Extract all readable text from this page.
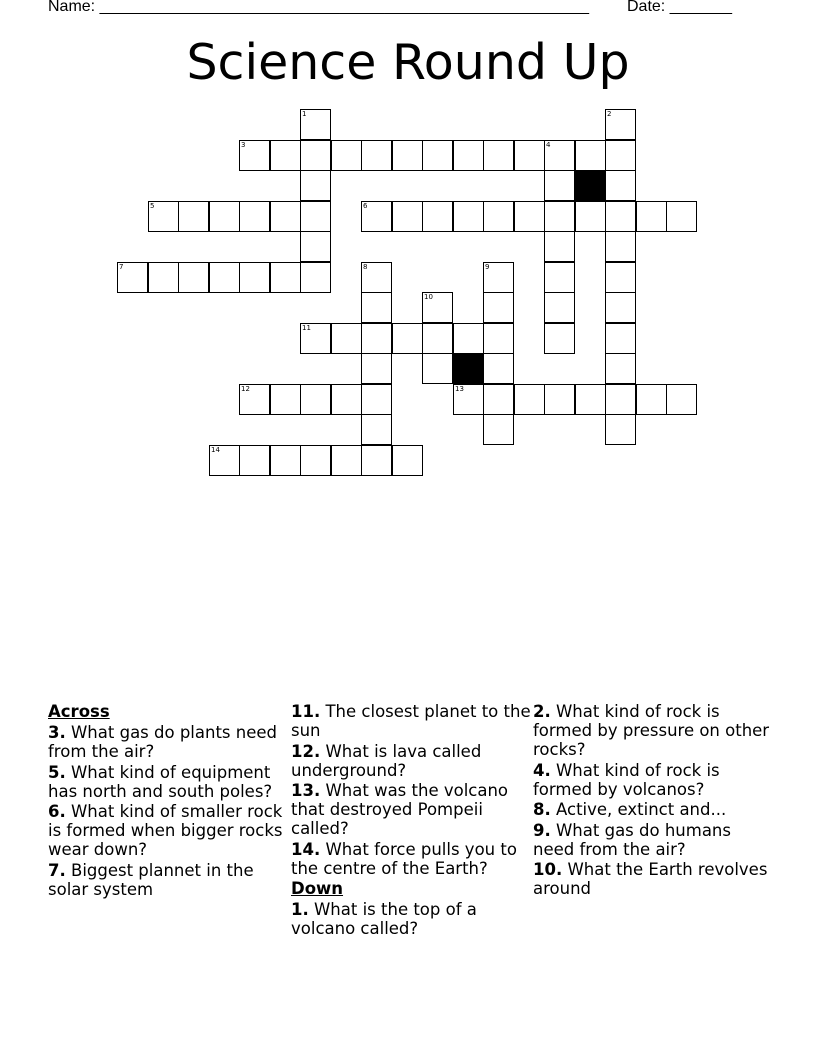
Name: _______________________________________________________ Date: _______
Science Round Up
1	2
3	4
5	6
7	8	9
10
11
12	13
14

Across

3. What gas do plants need from the air?

5. What kind of equipment has north and south poles?

6. What kind of smaller rock is formed when bigger rocks wear down?

7. Biggest plannet in the solar system

11. The closest planet to the sun

12. What is lava called underground?

13. What was the volcano that destroyed Pompeii called?

14. What force pulls you to the centre of the Earth?

Down

1. What is the top of a volcano called?

2. What kind of rock is formed by pressure on other rocks?

4. What kind of rock is formed by volcanos?

8. Active, extinct and...

9. What gas do humans need from the air?

10. What the Earth revolves around
